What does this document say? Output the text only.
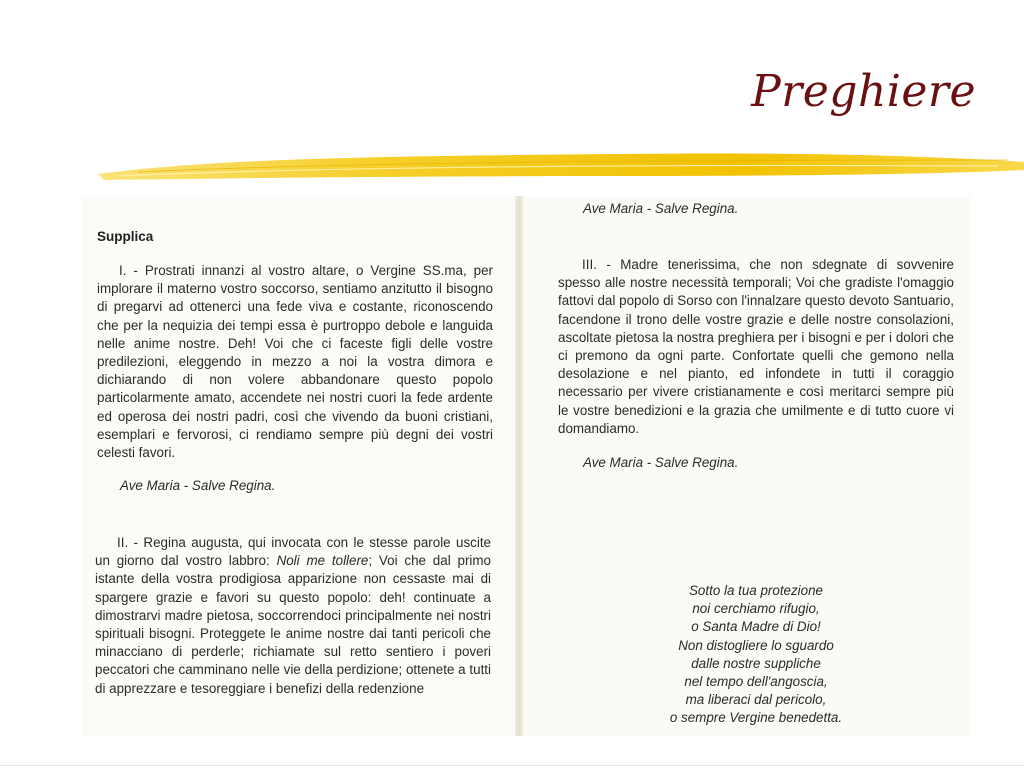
Preghiere
Supplica
I. - Prostrati innanzi al vostro altare, o Vergine SS.ma, per implorare il materno vostro soccorso, sentiamo anzitutto il bisogno di pregarvi ad ottenerci una fede viva e costante, riconoscendo che per la nequizia dei tempi essa è purtroppo debole e languida nelle anime nostre. Deh! Voi che ci faceste figli delle vostre predilezioni, eleggendo in mezzo a noi la vostra dimora e dichiarando di non volere abbandonare questo popolo particolarmente amato, accendete nei nostri cuori la fede ardente ed operosa dei nostri padri, così che vivendo da buoni cristiani, esemplari e fervorosi, ci rendiamo sempre più degni dei vostri celesti favori.
Ave Maria - Salve Regina.
II. - Regina augusta, qui invocata con le stesse parole uscite un giorno dal vostro labbro: Noli me tollere; Voi che dal primo istante della vostra prodigiosa apparizione non cessaste mai di spargere grazie e favori su questo popolo: deh! continuate a dimostrarvi madre pietosa, soccorrendoci principalmente nei nostri spirituali bisogni. Proteggete le anime nostre dai tanti pericoli che minacciano di perderle; richiamate sul retto sentiero i poveri peccatori che camminano nelle vie della perdizione; ottenete a tutti di apprezzare e tesoreggiare i benefizi della redenzione
Ave Maria - Salve Regina.
III. - Madre tenerissima, che non sdegnate di sovvenire spesso alle nostre necessità temporali; Voi che gradiste l'omaggio fattovi dal popolo di Sorso con l'innalzare questo devoto Santuario, facendone il trono delle vostre grazie e delle nostre consolazioni, ascoltate pietosa la nostra preghiera per i bisogni e per i dolori che ci premono da ogni parte. Confortate quelli che gemono nella desolazione e nel pianto, ed infondete in tutti il coraggio necessario per vivere cristianamente e così meritarci sempre più le vostre benedizioni e la grazia che umilmente e di tutto cuore vi domandiamo.
Ave Maria - Salve Regina.
Sotto la tua protezione
noi cerchiamo rifugio,
o Santa Madre di Dio!
Non distogliere lo sguardo
dalle nostre suppliche
nel tempo dell'angoscia,
ma liberaci dal pericolo,
o sempre Vergine benedetta.
